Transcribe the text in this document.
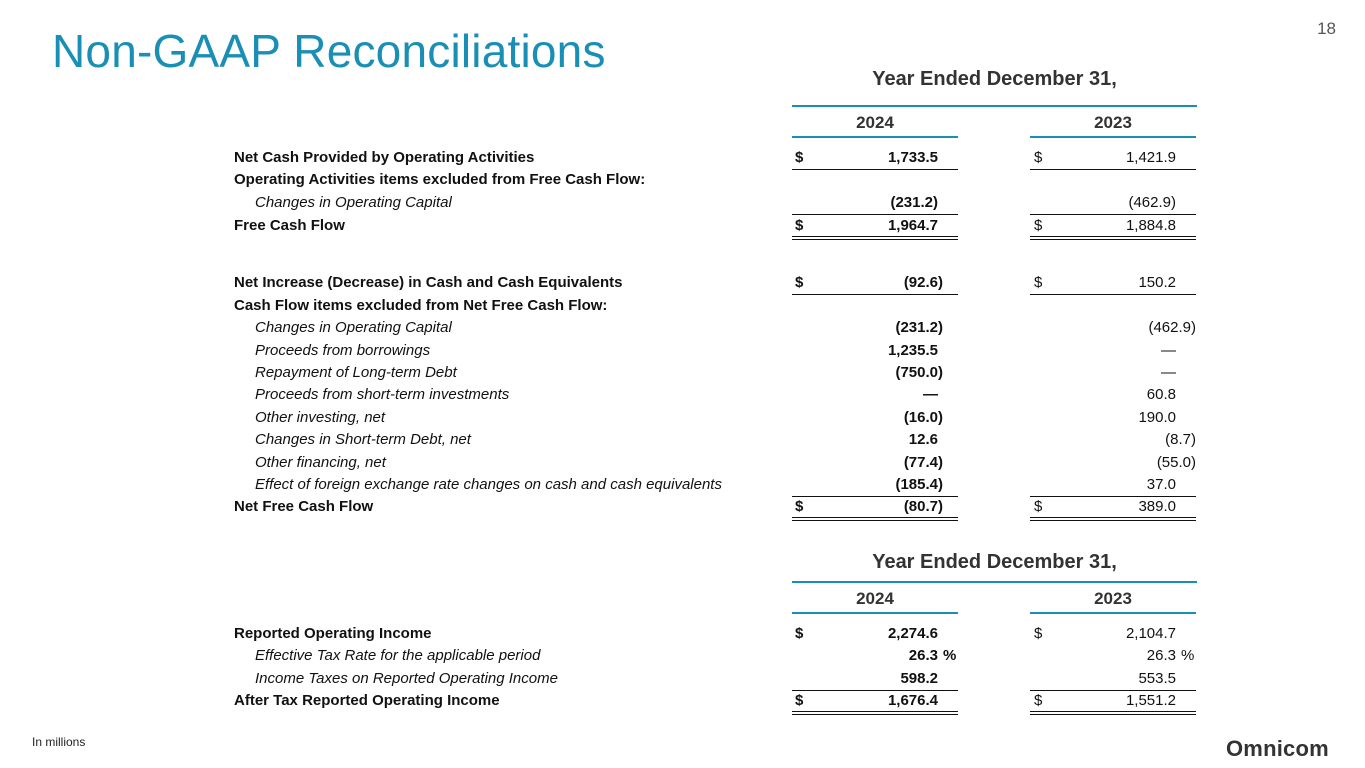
Non-GAAP Reconciliations	18
Year Ended December 31,
2024	2023
Net Cash Provided by Operating Activities	$	1,733.5	$	1,421.9
Operating Activities items excluded from Free Cash Flow:
Changes in Operating Capital	(231.2)	(462.9)
Free Cash Flow	$	1,964.7	$	1,884.8
Net Increase (Decrease) in Cash and Cash Equivalents	$	(92.6)	$	150.2
Cash Flow items excluded from Net Free Cash Flow:
Changes in Operating Capital	(231.2)	(462.9)
Proceeds from borrowings	1,235.5	—
Repayment of Long-term Debt	(750.0)	—
Proceeds from short-term investments	—	60.8
Other investing, net	(16.0)	190.0
Changes in Short-term Debt, net	12.6	(8.7)
Other financing, net	(77.4)	(55.0)
Effect of foreign exchange rate changes on cash and cash equivalents	(185.4)	37.0
Net Free Cash Flow	$	(80.7)	$	389.0
Year Ended December 31,
2024	2023
Reported Operating Income	$	2,274.6	$	2,104.7
Effective Tax Rate for the applicable period	26.3 %	26.3 %
Income Taxes on Reported Operating Income	598.2	553.5
After Tax Reported Operating Income	$	1,676.4	$	1,551.2
In millions	Omnicom
